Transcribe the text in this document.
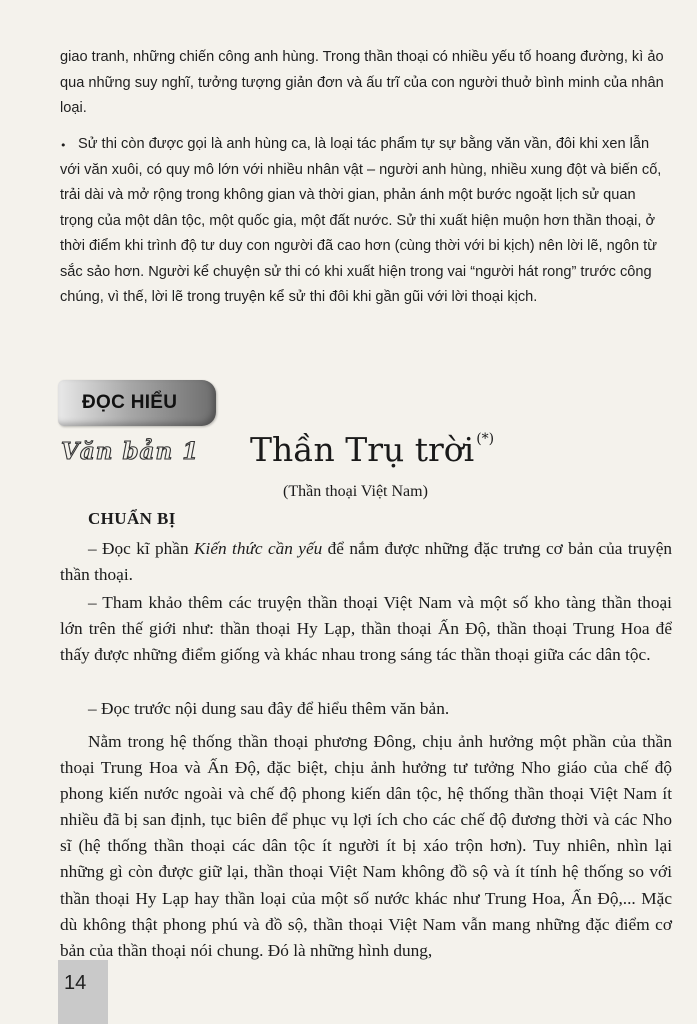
giao tranh, những chiến công anh hùng. Trong thần thoại có nhiều yếu tố hoang đường, kì ảo qua những suy nghĩ, tưởng tượng giản đơn và ấu trĩ của con người thuở bình minh của nhân loại.

• Sử thi còn được gọi là anh hùng ca, là loại tác phẩm tự sự bằng văn vần, đôi khi xen lẫn với văn xuôi, có quy mô lớn với nhiều nhân vật – người anh hùng, nhiều xung đột và biến cố, trải dài và mở rộng trong không gian và thời gian, phản ánh một bước ngoặt lịch sử quan trọng của một dân tộc, một quốc gia, một đất nước. Sử thi xuất hiện muộn hơn thần thoại, ở thời điểm khi trình độ tư duy con người đã cao hơn (cùng thời với bi kịch) nên lời lẽ, ngôn từ sắc sảo hơn. Người kể chuyện sử thi có khi xuất hiện trong vai “người hát rong” trước công chúng, vì thế, lời lẽ trong truyện kể sử thi đôi khi gần gũi với lời thoại kịch.

ĐỌC HIỂU
Văn bản 1 Thần Trụ trời (*)
(Thần thoại Việt Nam)
CHUẨN BỊ

– Đọc kĩ phần Kiến thức cần yếu để nắm được những đặc trưng cơ bản của truyện thần thoại.

– Tham khảo thêm các truyện thần thoại Việt Nam và một số kho tàng thần thoại lớn trên thế giới như: thần thoại Hy Lạp, thần thoại Ấn Độ, thần thoại Trung Hoa để thấy được những điểm giống và khác nhau trong sáng tác thần thoại giữa các dân tộc.

– Đọc trước nội dung sau đây để hiểu thêm văn bản.

Nằm trong hệ thống thần thoại phương Đông, chịu ảnh hưởng một phần của thần thoại Trung Hoa và Ấn Độ, đặc biệt, chịu ảnh hưởng tư tưởng Nho giáo của chế độ phong kiến nước ngoài và chế độ phong kiến dân tộc, hệ thống thần thoại Việt Nam ít nhiều đã bị san định, tục biên để phục vụ lợi ích cho các chế độ đương thời và các Nho sĩ (hệ thống thần thoại các dân tộc ít người ít bị xáo trộn hơn). Tuy nhiên, nhìn lại những gì còn được giữ lại, thần thoại Việt Nam không đồ sộ và ít tính hệ thống so với thần thoại Hy Lạp hay thần loại của một số nước khác như Trung Hoa, Ấn Độ,... Mặc dù không thật phong phú và đồ sộ, thần thoại Việt Nam vẫn mang những đặc điểm cơ bản của thần thoại nói chung. Đó là những hình dung,

14
